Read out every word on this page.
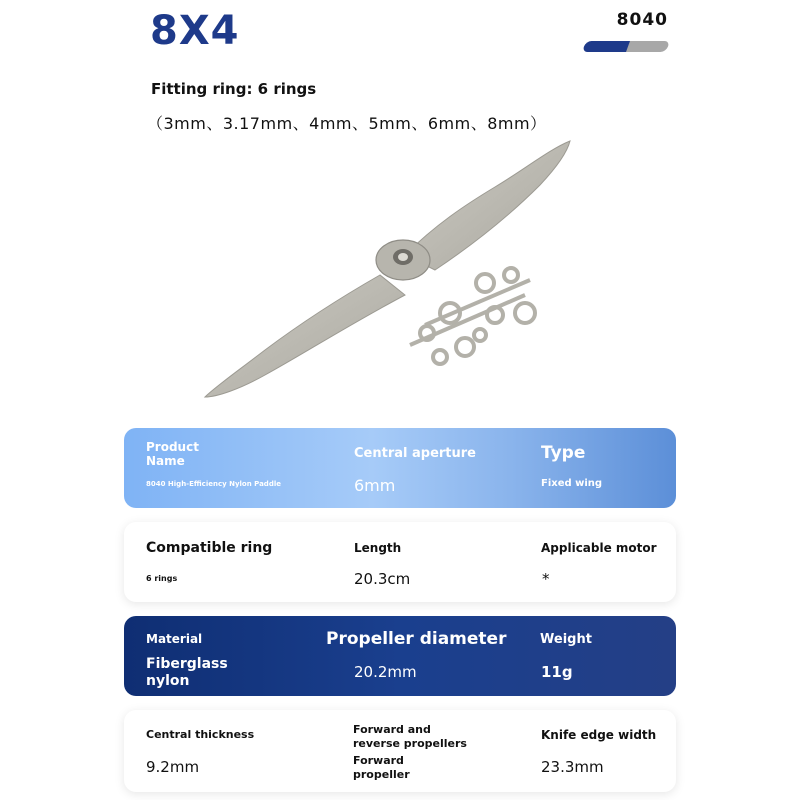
8X4	8040
Fitting ring: 6 rings
（3mm、3.17mm、4mm、5mm、6mm、8mm）
Product
Name
8040 High-Efficiency Nylon Paddle
Central aperture
6mm
Type
Fixed wing
Compatible ring
6 rings
Length
20.3cm
Applicable motor
*
Material
Fiberglass
nylon
Propeller diameter
20.2mm
Weight
11g
Central thickness
9.2mm
Forward and
reverse propellers
Forward
propeller
Knife edge width
23.3mm
